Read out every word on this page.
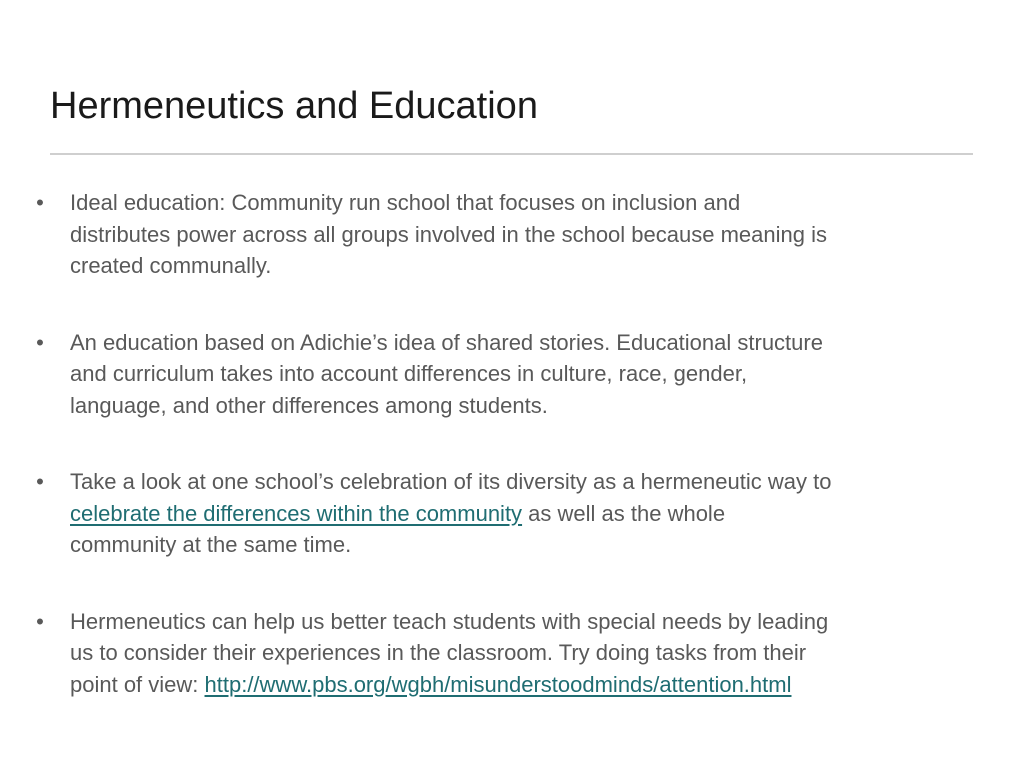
Hermeneutics and Education
• Ideal education: Community run school that focuses on inclusion and
distributes power across all groups involved in the school because meaning is
created communally.
• An education based on Adichie’s idea of shared stories. Educational structure
and curriculum takes into account differences in culture, race, gender,
language, and other differences among students.
• Take a look at one school’s celebration of its diversity as a hermeneutic way to
celebrate the differences within the community as well as the whole
community at the same time.
• Hermeneutics can help us better teach students with special needs by leading
us to consider their experiences in the classroom. Try doing tasks from their
point of view: http://www.pbs.org/wgbh/misunderstoodminds/attention.html
